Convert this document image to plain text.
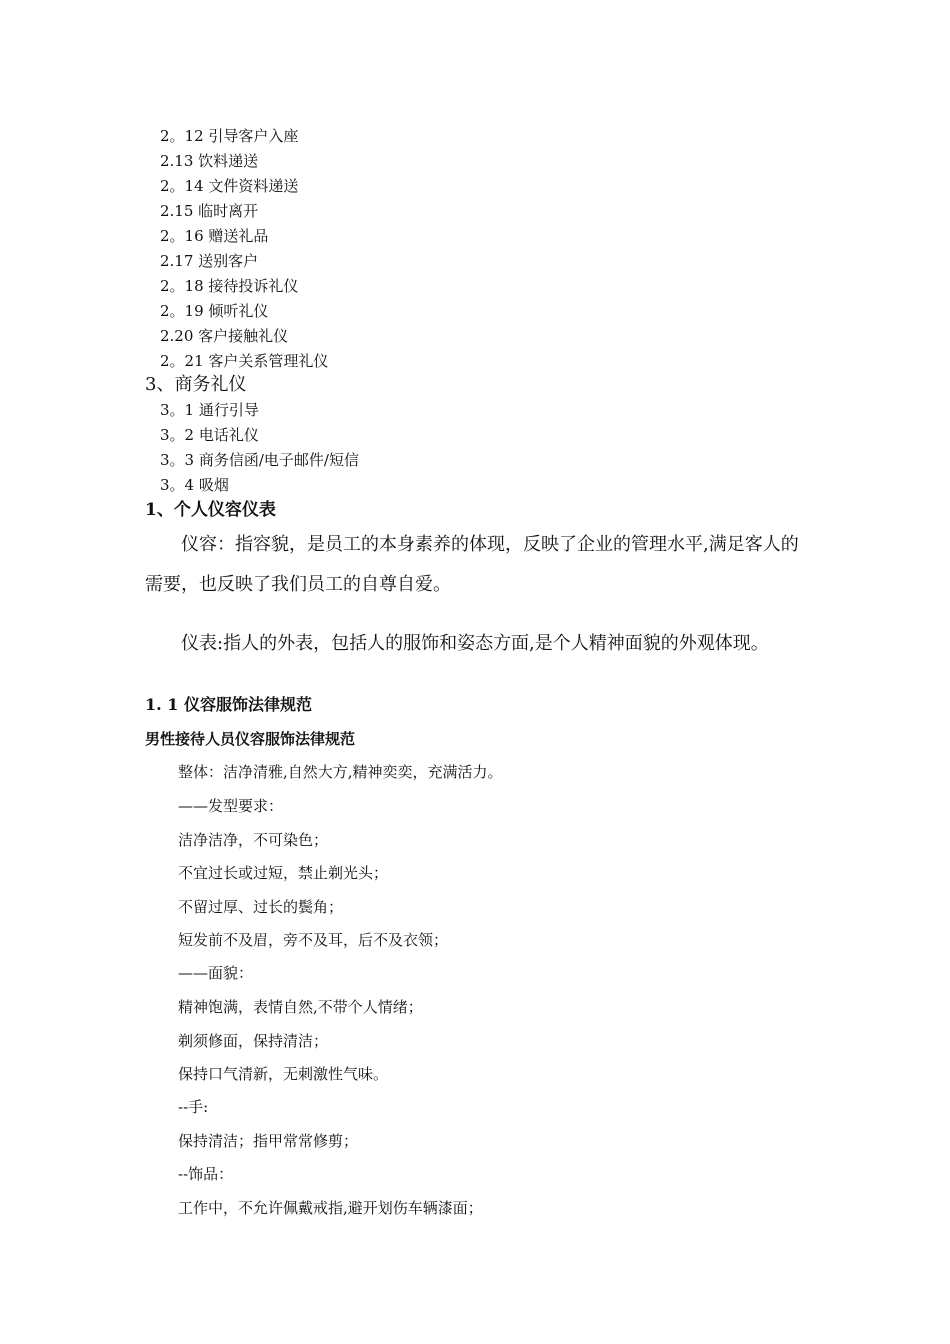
2。12 引导客户入座
2.13 饮料递送
2。14 文件资料递送
2.15 临时离开
2。16 赠送礼品
2.17 送别客户
2。18 接待投诉礼仪
2。19 倾听礼仪
2.20 客户接触礼仪
2。21 客户关系管理礼仪
3、商务礼仪
3。1 通行引导
3。2 电话礼仪
3。3 商务信函/电子邮件/短信
3。4 吸烟
1、个人仪容仪表
仪容：指容貌，是员工的本身素养的体现，反映了企业的管理水平,满足客人的需要，也反映了我们员工的自尊自爱。
仪表:指人的外表，包括人的服饰和姿态方面,是个人精神面貌的外观体现。
1. 1 仪容服饰法律规范
男性接待人员仪容服饰法律规范
整体：洁净清雅,自然大方,精神奕奕，充满活力。
——发型要求：
洁净洁净，不可染色；
不宜过长或过短，禁止剃光头；
不留过厚、过长的鬓角；
短发前不及眉，旁不及耳，后不及衣领；
——面貌：
精神饱满，表情自然,不带个人情绪；
剃须修面，保持清洁；
保持口气清新，无刺激性气味。
--手:
保持清洁；指甲常常修剪；
--饰品：
工作中，不允许佩戴戒指,避开划伤车辆漆面；
